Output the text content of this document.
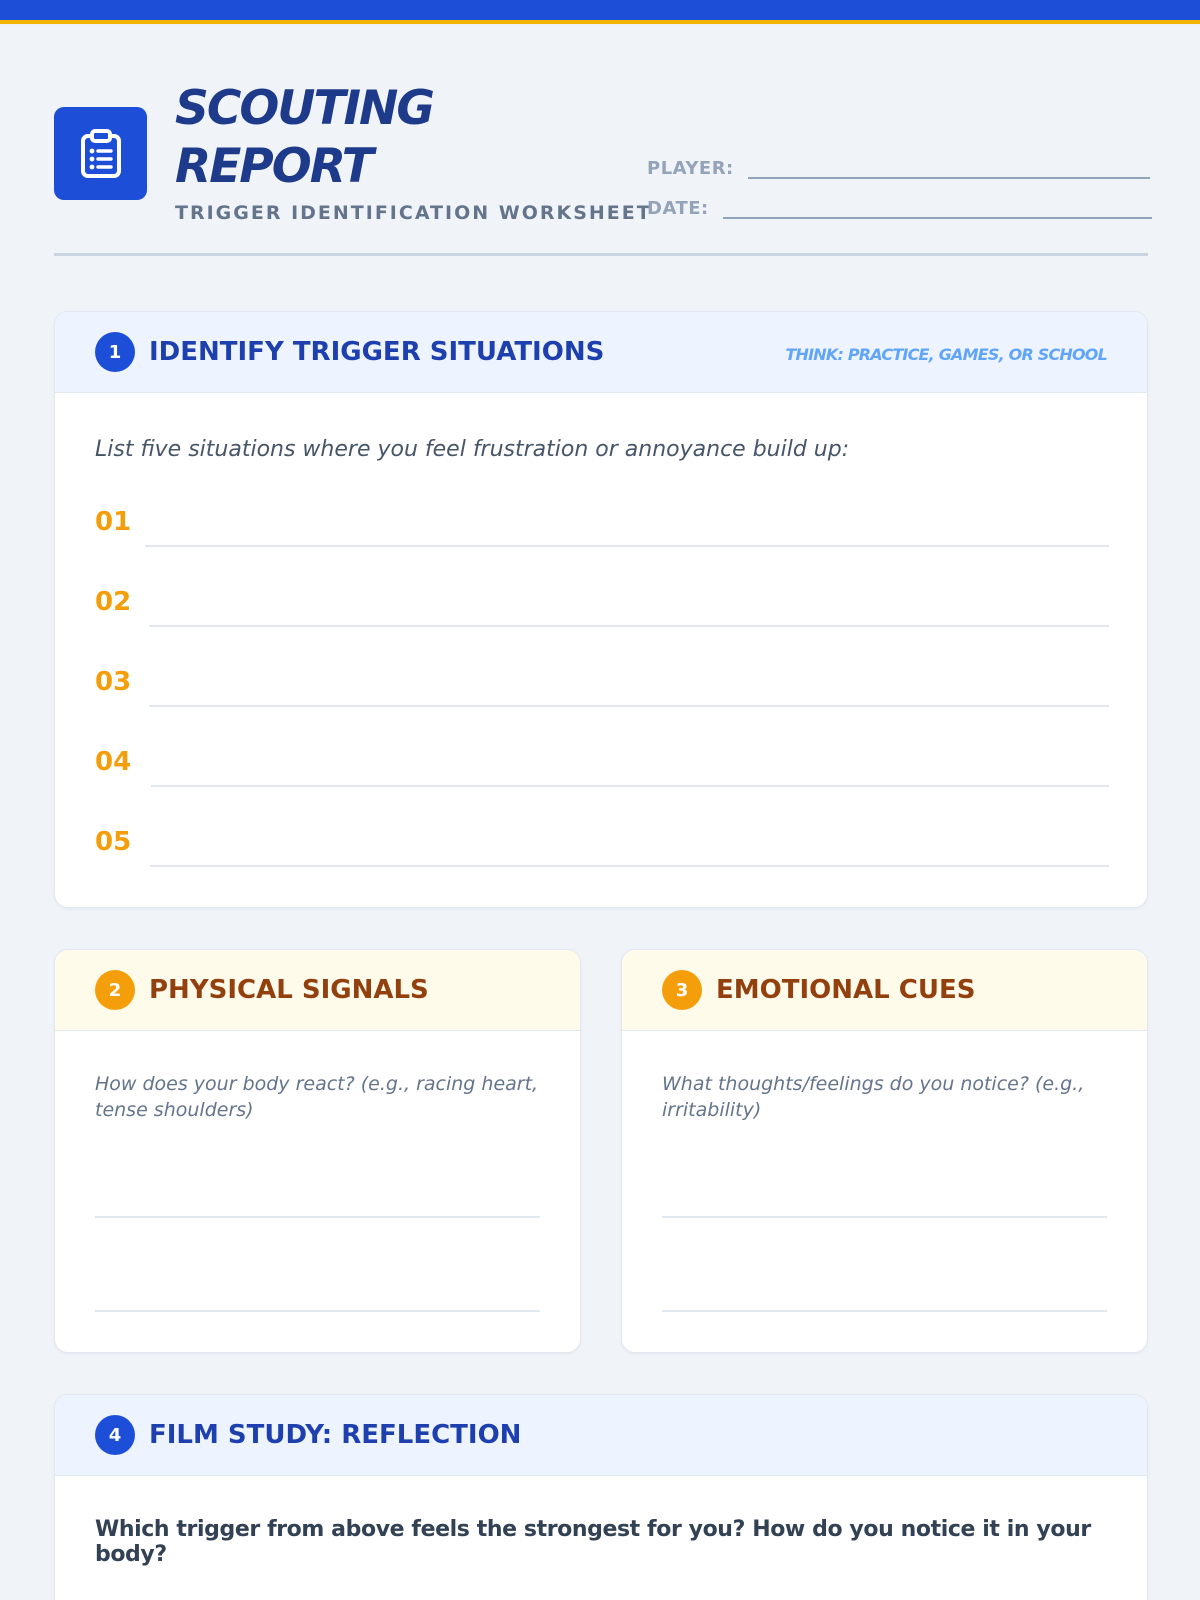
SCOUTING
REPORT
TRIGGER IDENTIFICATION WORKSHEET
PLAYER:
DATE:
1	IDENTIFY TRIGGER SITUATIONS	THINK: PRACTICE, GAMES, OR SCHOOL
List five situations where you feel frustration or annoyance build up:
01
02
03
04
05
2	PHYSICAL SIGNALS
How does your body react? (e.g., racing heart, tense shoulders)
3	EMOTIONAL CUES
What thoughts/feelings do you notice? (e.g., irritability)
4	FILM STUDY: REFLECTION
Which trigger from above feels the strongest for you? How do you notice it in your body?
